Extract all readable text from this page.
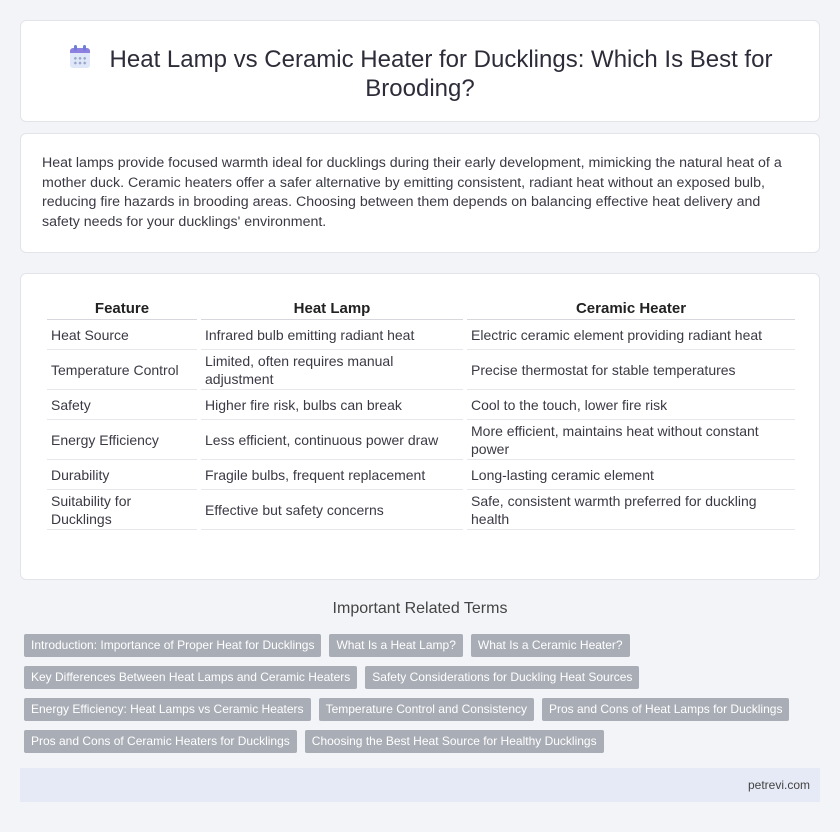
Heat Lamp vs Ceramic Heater for Ducklings: Which Is Best for Brooding?

Heat lamps provide focused warmth ideal for ducklings during their early development, mimicking the natural heat of a mother duck. Ceramic heaters offer a safer alternative by emitting consistent, radiant heat without an exposed bulb, reducing fire hazards in brooding areas. Choosing between them depends on balancing effective heat delivery and safety needs for your ducklings' environment.

Feature	Heat Lamp	Ceramic Heater
Heat Source	Infrared bulb emitting radiant heat	Electric ceramic element providing radiant heat
Temperature Control	Limited, often requires manual adjustment	Precise thermostat for stable temperatures
Safety	Higher fire risk, bulbs can break	Cool to the touch, lower fire risk
Energy Efficiency	Less efficient, continuous power draw	More efficient, maintains heat without constant power
Durability	Fragile bulbs, frequent replacement	Long-lasting ceramic element
Suitability for Ducklings	Effective but safety concerns	Safe, consistent warmth preferred for duckling health
Important Related Terms
Introduction: Importance of Proper Heat for Ducklings	What Is a Heat Lamp?	What Is a Ceramic Heater?
Key Differences Between Heat Lamps and Ceramic Heaters	Safety Considerations for Duckling Heat Sources
Energy Efficiency: Heat Lamps vs Ceramic Heaters	Temperature Control and Consistency	Pros and Cons of Heat Lamps for Ducklings
Pros and Cons of Ceramic Heaters for Ducklings	Choosing the Best Heat Source for Healthy Ducklings
petrevi.com
